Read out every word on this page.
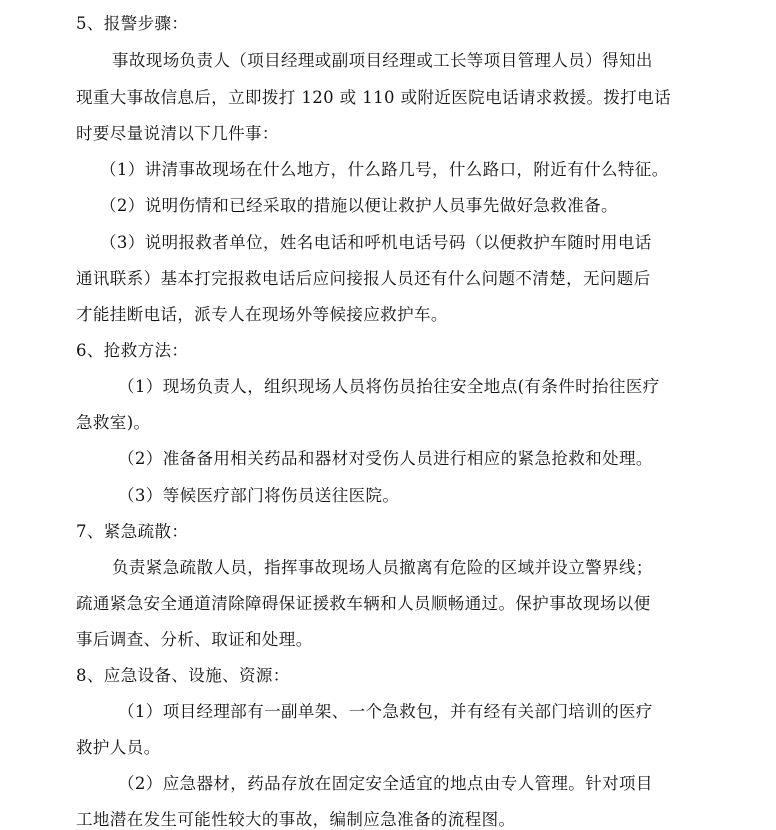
5、报警步骤：
事故现场负责人（项目经理或副项目经理或工长等项目管理人员）得知出
现重大事故信息后，立即拨打 120 或 110 或附近医院电话请求救援。拨打电话
时要尽量说清以下几件事：
（1）讲清事故现场在什么地方，什么路几号，什么路口，附近有什么特征。
（2）说明伤情和已经采取的措施以便让救护人员事先做好急救准备。
（3）说明报救者单位，姓名电话和呼机电话号码（以便救护车随时用电话
通讯联系）基本打完报救电话后应问接报人员还有什么问题不清楚，无问题后
才能挂断电话，派专人在现场外等候接应救护车。
6、抢救方法：
（1）现场负责人，组织现场人员将伤员抬往安全地点(有条件时抬往医疗
急救室)。
（2）准备备用相关药品和器材对受伤人员进行相应的紧急抢救和处理。
（3）等候医疗部门将伤员送往医院。
7、紧急疏散：
负责紧急疏散人员，指挥事故现场人员撤离有危险的区域并设立警界线；
疏通紧急安全通道清除障碍保证援救车辆和人员顺畅通过。保护事故现场以便
事后调查、分析、取证和处理。
8、应急设备、设施、资源：
（1）项目经理部有一副单架、一个急救包，并有经有关部门培训的医疗
救护人员。
（2）应急器材，药品存放在固定安全适宜的地点由专人管理。针对项目
工地潜在发生可能性较大的事故，编制应急准备的流程图。
